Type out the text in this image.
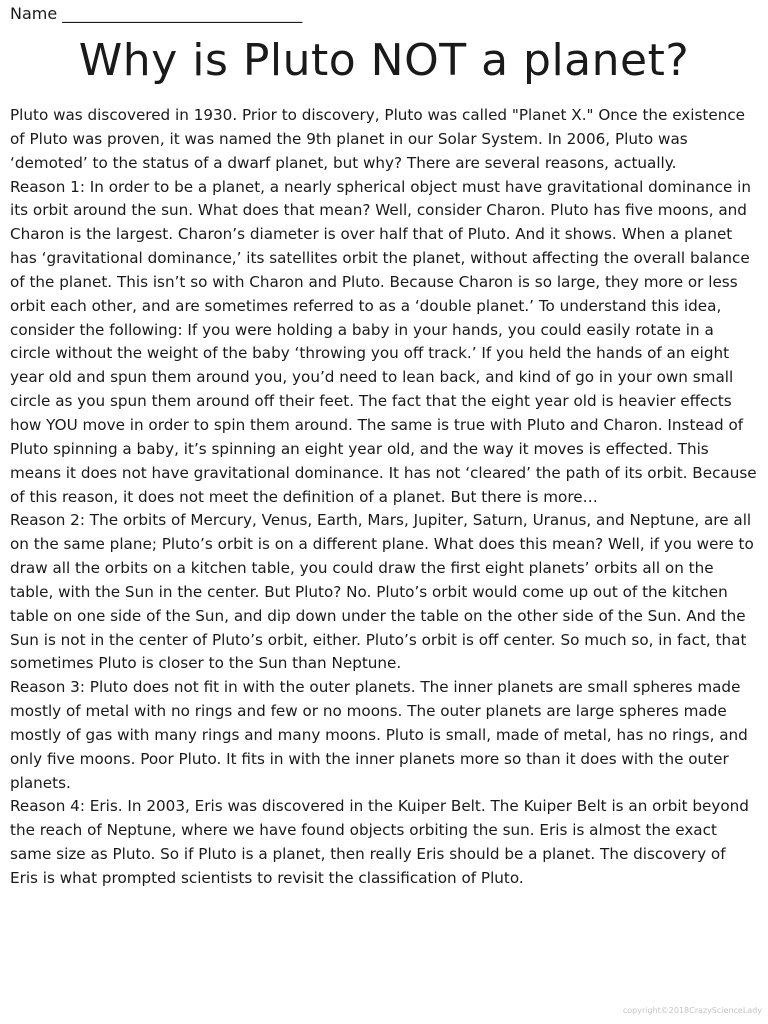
Name ______________________________
Why is Pluto NOT a planet?

Pluto was discovered in 1930. Prior to discovery, Pluto was called "Planet X." Once the existence of Pluto was proven, it was named the 9th planet in our Solar System. In 2006, Pluto was ‘demoted’ to the status of a dwarf planet, but why? There are several reasons, actually.

Reason 1: In order to be a planet, a nearly spherical object must have gravitational dominance in its orbit around the sun. What does that mean? Well, consider Charon. Pluto has five moons, and Charon is the largest. Charon’s diameter is over half that of Pluto. And it shows. When a planet has ‘gravitational dominance,’ its satellites orbit the planet, without affecting the overall balance of the planet. This isn’t so with Charon and Pluto. Because Charon is so large, they more or less orbit each other, and are sometimes referred to as a ‘double planet.’ To understand this idea, consider the following: If you were holding a baby in your hands, you could easily rotate in a circle without the weight of the baby ‘throwing you off track.’ If you held the hands of an eight year old and spun them around you, you’d need to lean back, and kind of go in your own small circle as you spun them around off their feet. The fact that the eight year old is heavier effects how YOU move in order to spin them around. The same is true with Pluto and Charon. Instead of Pluto spinning a baby, it’s spinning an eight year old, and the way it moves is effected. This means it does not have gravitational dominance. It has not ‘cleared’ the path of its orbit. Because of this reason, it does not meet the definition of a planet. But there is more…

Reason 2: The orbits of Mercury, Venus, Earth, Mars, Jupiter, Saturn, Uranus, and Neptune, are all on the same plane; Pluto’s orbit is on a different plane. What does this mean? Well, if you were to draw all the orbits on a kitchen table, you could draw the first eight planets’ orbits all on the table, with the Sun in the center. But Pluto? No. Pluto’s orbit would come up out of the kitchen table on one side of the Sun, and dip down under the table on the other side of the Sun. And the Sun is not in the center of Pluto’s orbit, either. Pluto’s orbit is off center. So much so, in fact, that sometimes Pluto is closer to the Sun than Neptune.

Reason 3: Pluto does not fit in with the outer planets. The inner planets are small spheres made mostly of metal with no rings and few or no moons. The outer planets are large spheres made mostly of gas with many rings and many moons. Pluto is small, made of metal, has no rings, and only five moons. Poor Pluto. It fits in with the inner planets more so than it does with the outer planets.

Reason 4: Eris. In 2003, Eris was discovered in the Kuiper Belt. The Kuiper Belt is an orbit beyond the reach of Neptune, where we have found objects orbiting the sun. Eris is almost the exact same size as Pluto. So if Pluto is a planet, then really Eris should be a planet. The discovery of Eris is what prompted scientists to revisit the classification of Pluto.

copyright©2018CrazyScienceLady
